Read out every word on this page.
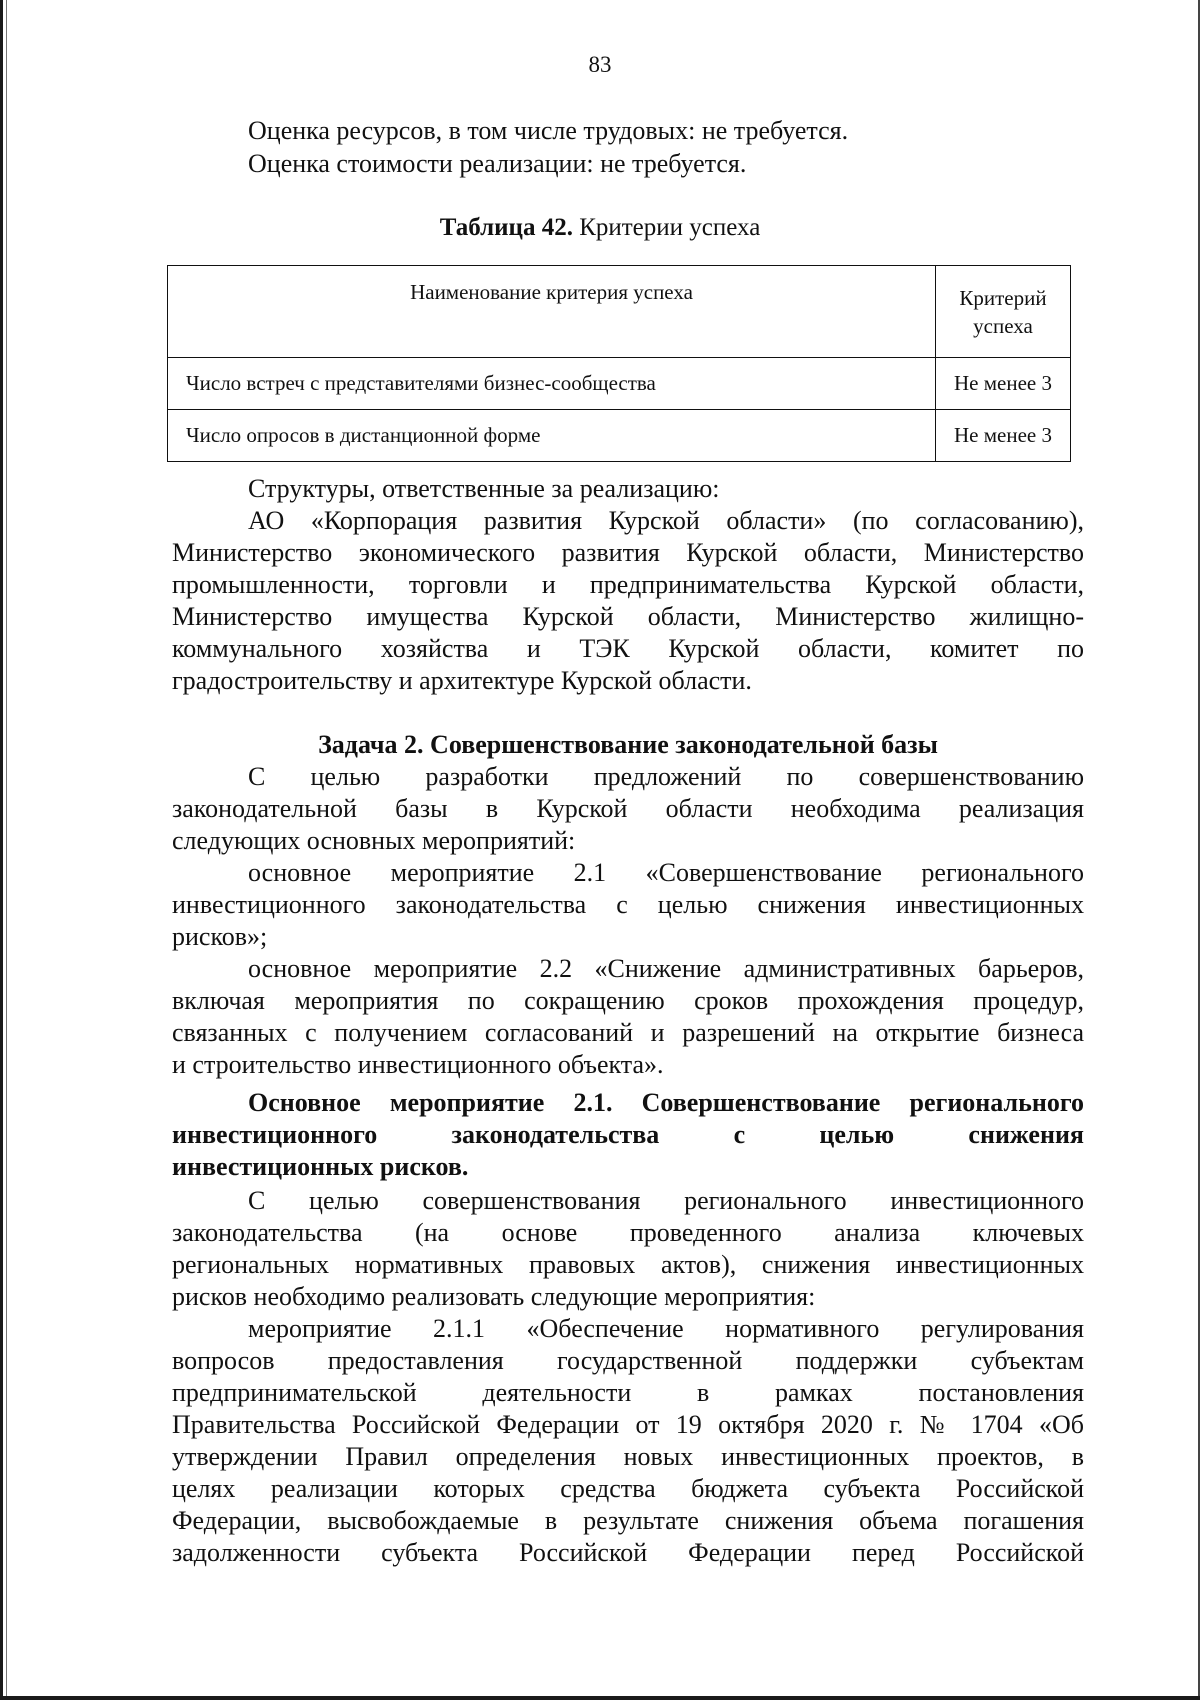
83
Оценка ресурсов, в том числе трудовых: не требуется.
Оценка стоимости реализации: не требуется.
Таблица 42. Критерии успеха
Наименование критерия успеха	Критерий
успеха
Число встреч с представителями бизнес-сообщества	Не менее 3
Число опросов в дистанционной форме	Не менее 3
Структуры, ответственные за реализацию:
АО «Корпорация развития Курской области» (по согласованию),
Министерство экономического развития Курской области, Министерство
промышленности, торговли и предпринимательства Курской области,
Министерство имущества Курской области, Министерство жилищно-
коммунального хозяйства и ТЭК Курской области, комитет по
градостроительству и архитектуре Курской области.
Задача 2. Совершенствование законодательной базы
С целью разработки предложений по совершенствованию
законодательной базы в Курской области необходима реализация
следующих основных мероприятий:
основное мероприятие 2.1 «Совершенствование регионального
инвестиционного законодательства с целью снижения инвестиционных
рисков»;
основное мероприятие 2.2 «Снижение административных барьеров,
включая мероприятия по сокращению сроков прохождения процедур,
связанных с получением согласований и разрешений на открытие бизнеса
и строительство инвестиционного объекта».
Основное мероприятие 2.1. Совершенствование регионального
инвестиционного законодательства с целью снижения
инвестиционных рисков.
С целью совершенствования регионального инвестиционного
законодательства (на основе проведенного анализа ключевых
региональных нормативных правовых актов), снижения инвестиционных
рисков необходимо реализовать следующие мероприятия:
мероприятие 2.1.1 «Обеспечение нормативного регулирования
вопросов предоставления государственной поддержки субъектам
предпринимательской деятельности в рамках постановления
Правительства Российской Федерации от 19 октября 2020 г. № 1704 «Об
утверждении Правил определения новых инвестиционных проектов, в
целях реализации которых средства бюджета субъекта Российской
Федерации, высвобождаемые в результате снижения объема погашения
задолженности субъекта Российской Федерации перед Российской
